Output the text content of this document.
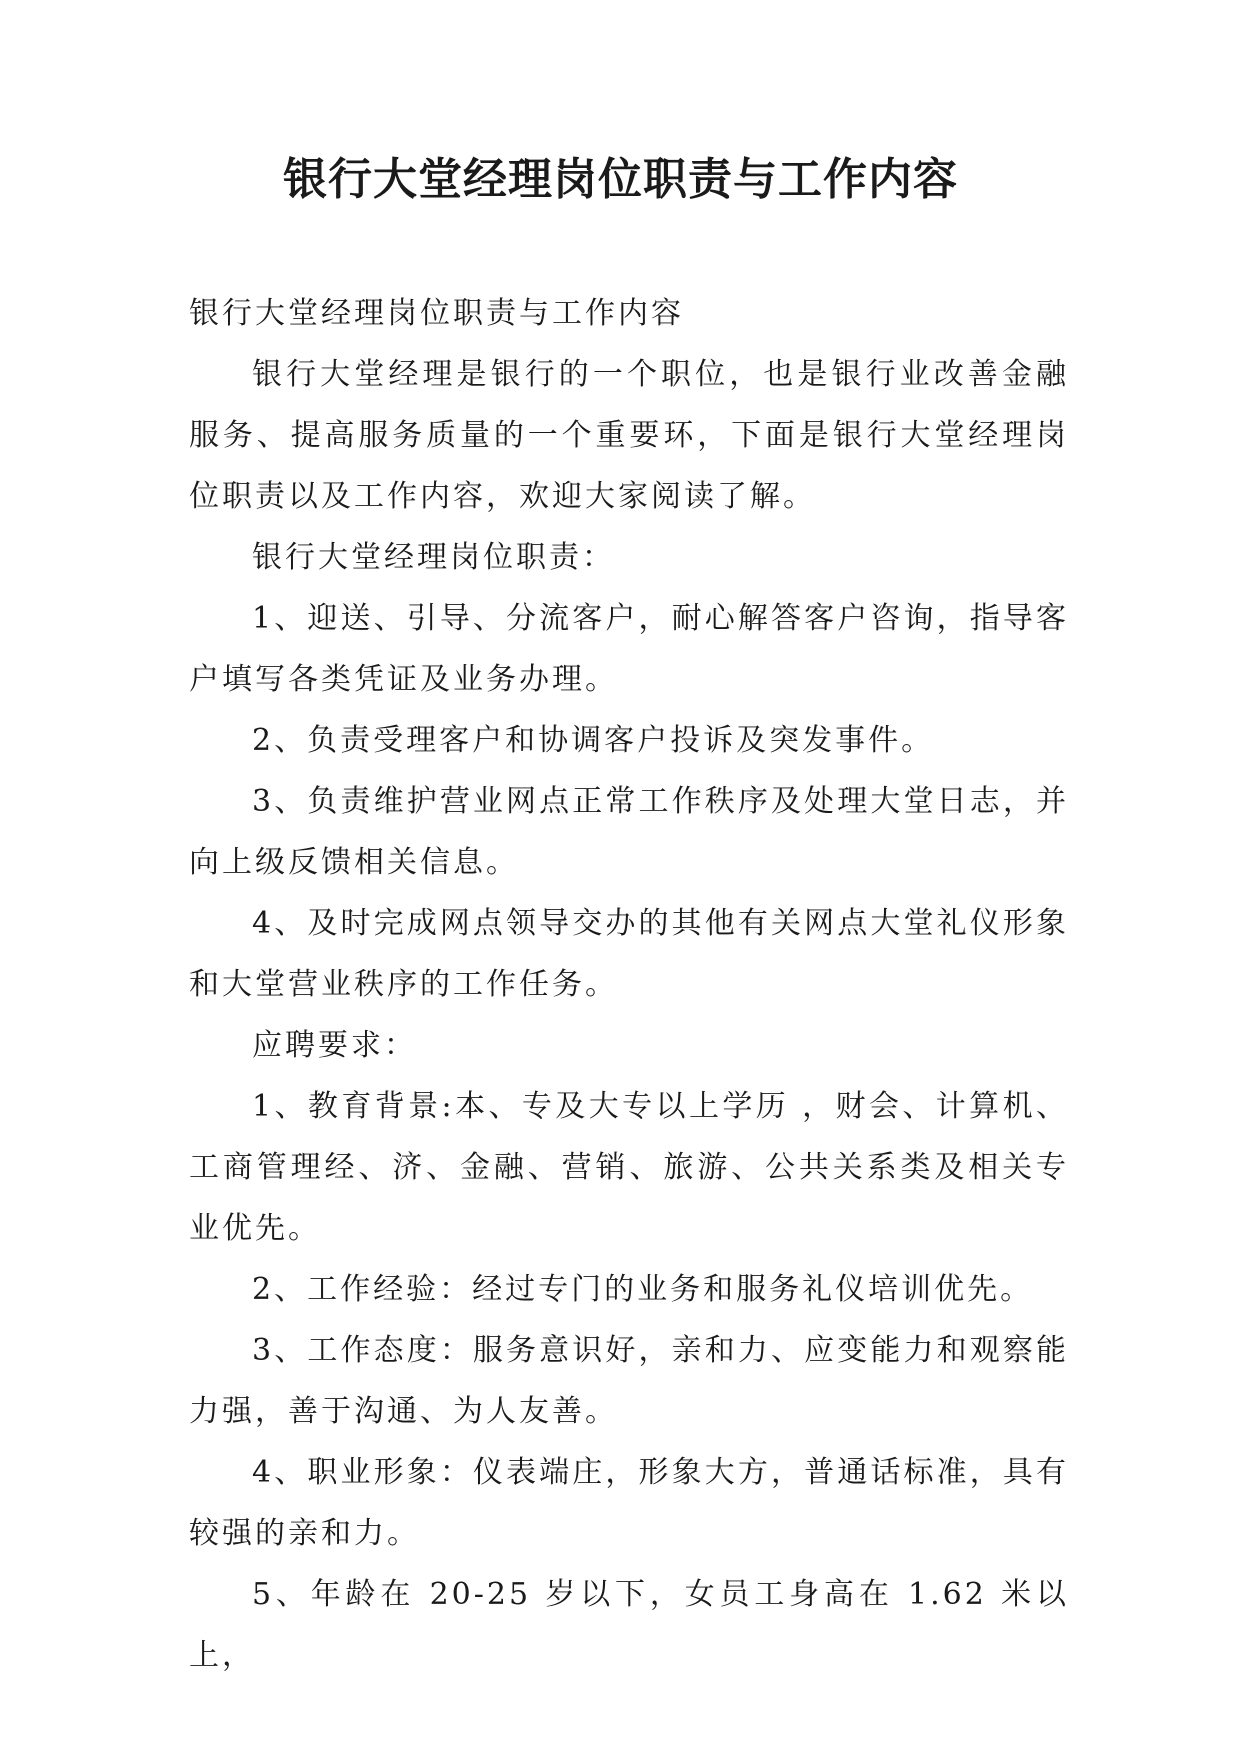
银行大堂经理岗位职责与工作内容

银行大堂经理岗位职责与工作内容

银行大堂经理是银行的一个职位，也是银行业改善金融服务、提高服务质量的一个重要环，下面是银行大堂经理岗位职责以及工作内容，欢迎大家阅读了解。

银行大堂经理岗位职责：

1、迎送、引导、分流客户，耐心解答客户咨询，指导客户填写各类凭证及业务办理。

2、负责受理客户和协调客户投诉及突发事件。

3、负责维护营业网点正常工作秩序及处理大堂日志，并向上级反馈相关信息。

4、及时完成网点领导交办的其他有关网点大堂礼仪形象和大堂营业秩序的工作任务。

应聘要求：

1、教育背景:本、专及大专以上学历 ，财会、计算机、工商管理经、济、金融、营销、旅游、公共关系类及相关专业优先。

2、工作经验：经过专门的业务和服务礼仪培训优先。

3、工作态度：服务意识好，亲和力、应变能力和观察能力强，善于沟通、为人友善。

4、职业形象：仪表端庄，形象大方，普通话标准，具有较强的亲和力。

5、年龄在 20-25 岁以下，女员工身高在 1.62 米以上，
